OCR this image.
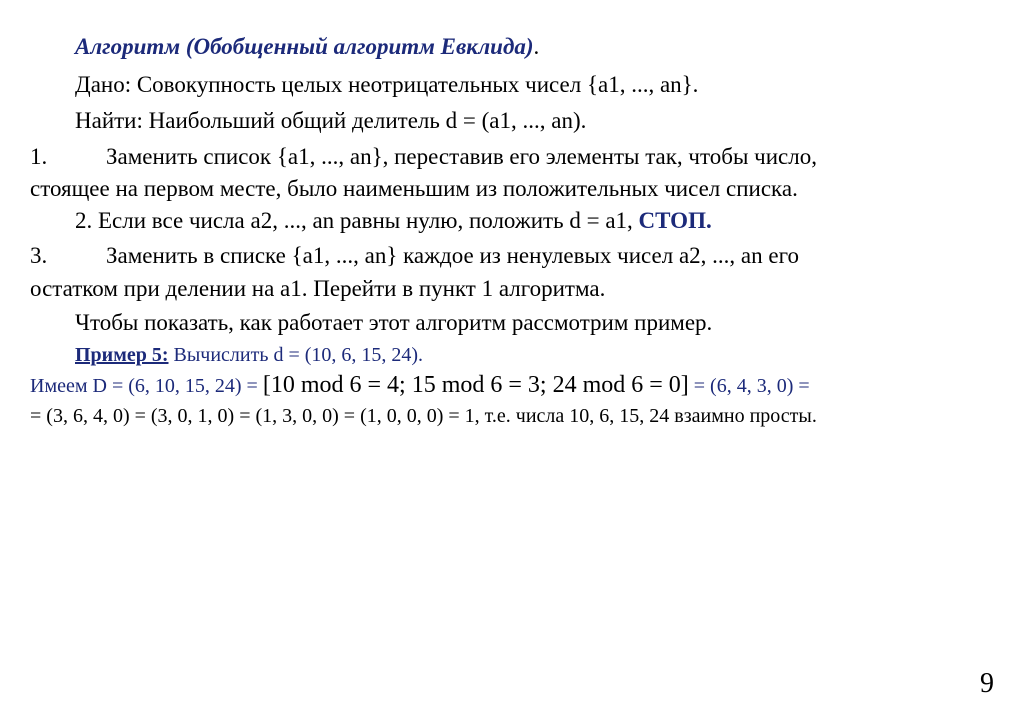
Алгоритм (Обобщенный алгоритм Евклида).
Дано: Совокупность целых неотрицательных чисел {a1, ..., an}.
Найти: Наибольший общий делитель d = (a1, ..., an).
1.	Заменить список {a1, ..., an}, переставив его элементы так, чтобы число,
стоящее на первом месте, было наименьшим из положительных чисел списка.
2. Если все числа a2, ..., an равны нулю, положить d = a1, СТОП.
3.	Заменить в списке {a1, ..., an} каждое из ненулевых чисел a2, ..., an его
остатком при делении на a1. Перейти в пункт 1 алгоритма.
Чтобы показать, как работает этот алгоритм рассмотрим пример.
Пример 5: Вычислить d = (10, 6, 15, 24).
Имеем D = (6, 10, 15, 24) = [10 mod 6 = 4; 15 mod 6 = 3; 24 mod 6 = 0] = (6, 4, 3, 0) =
= (3, 6, 4, 0) = (3, 0, 1, 0) = (1, 3, 0, 0) = (1, 0, 0, 0) = 1, т.е. числа 10, 6, 15, 24 взаимно просты.
9
